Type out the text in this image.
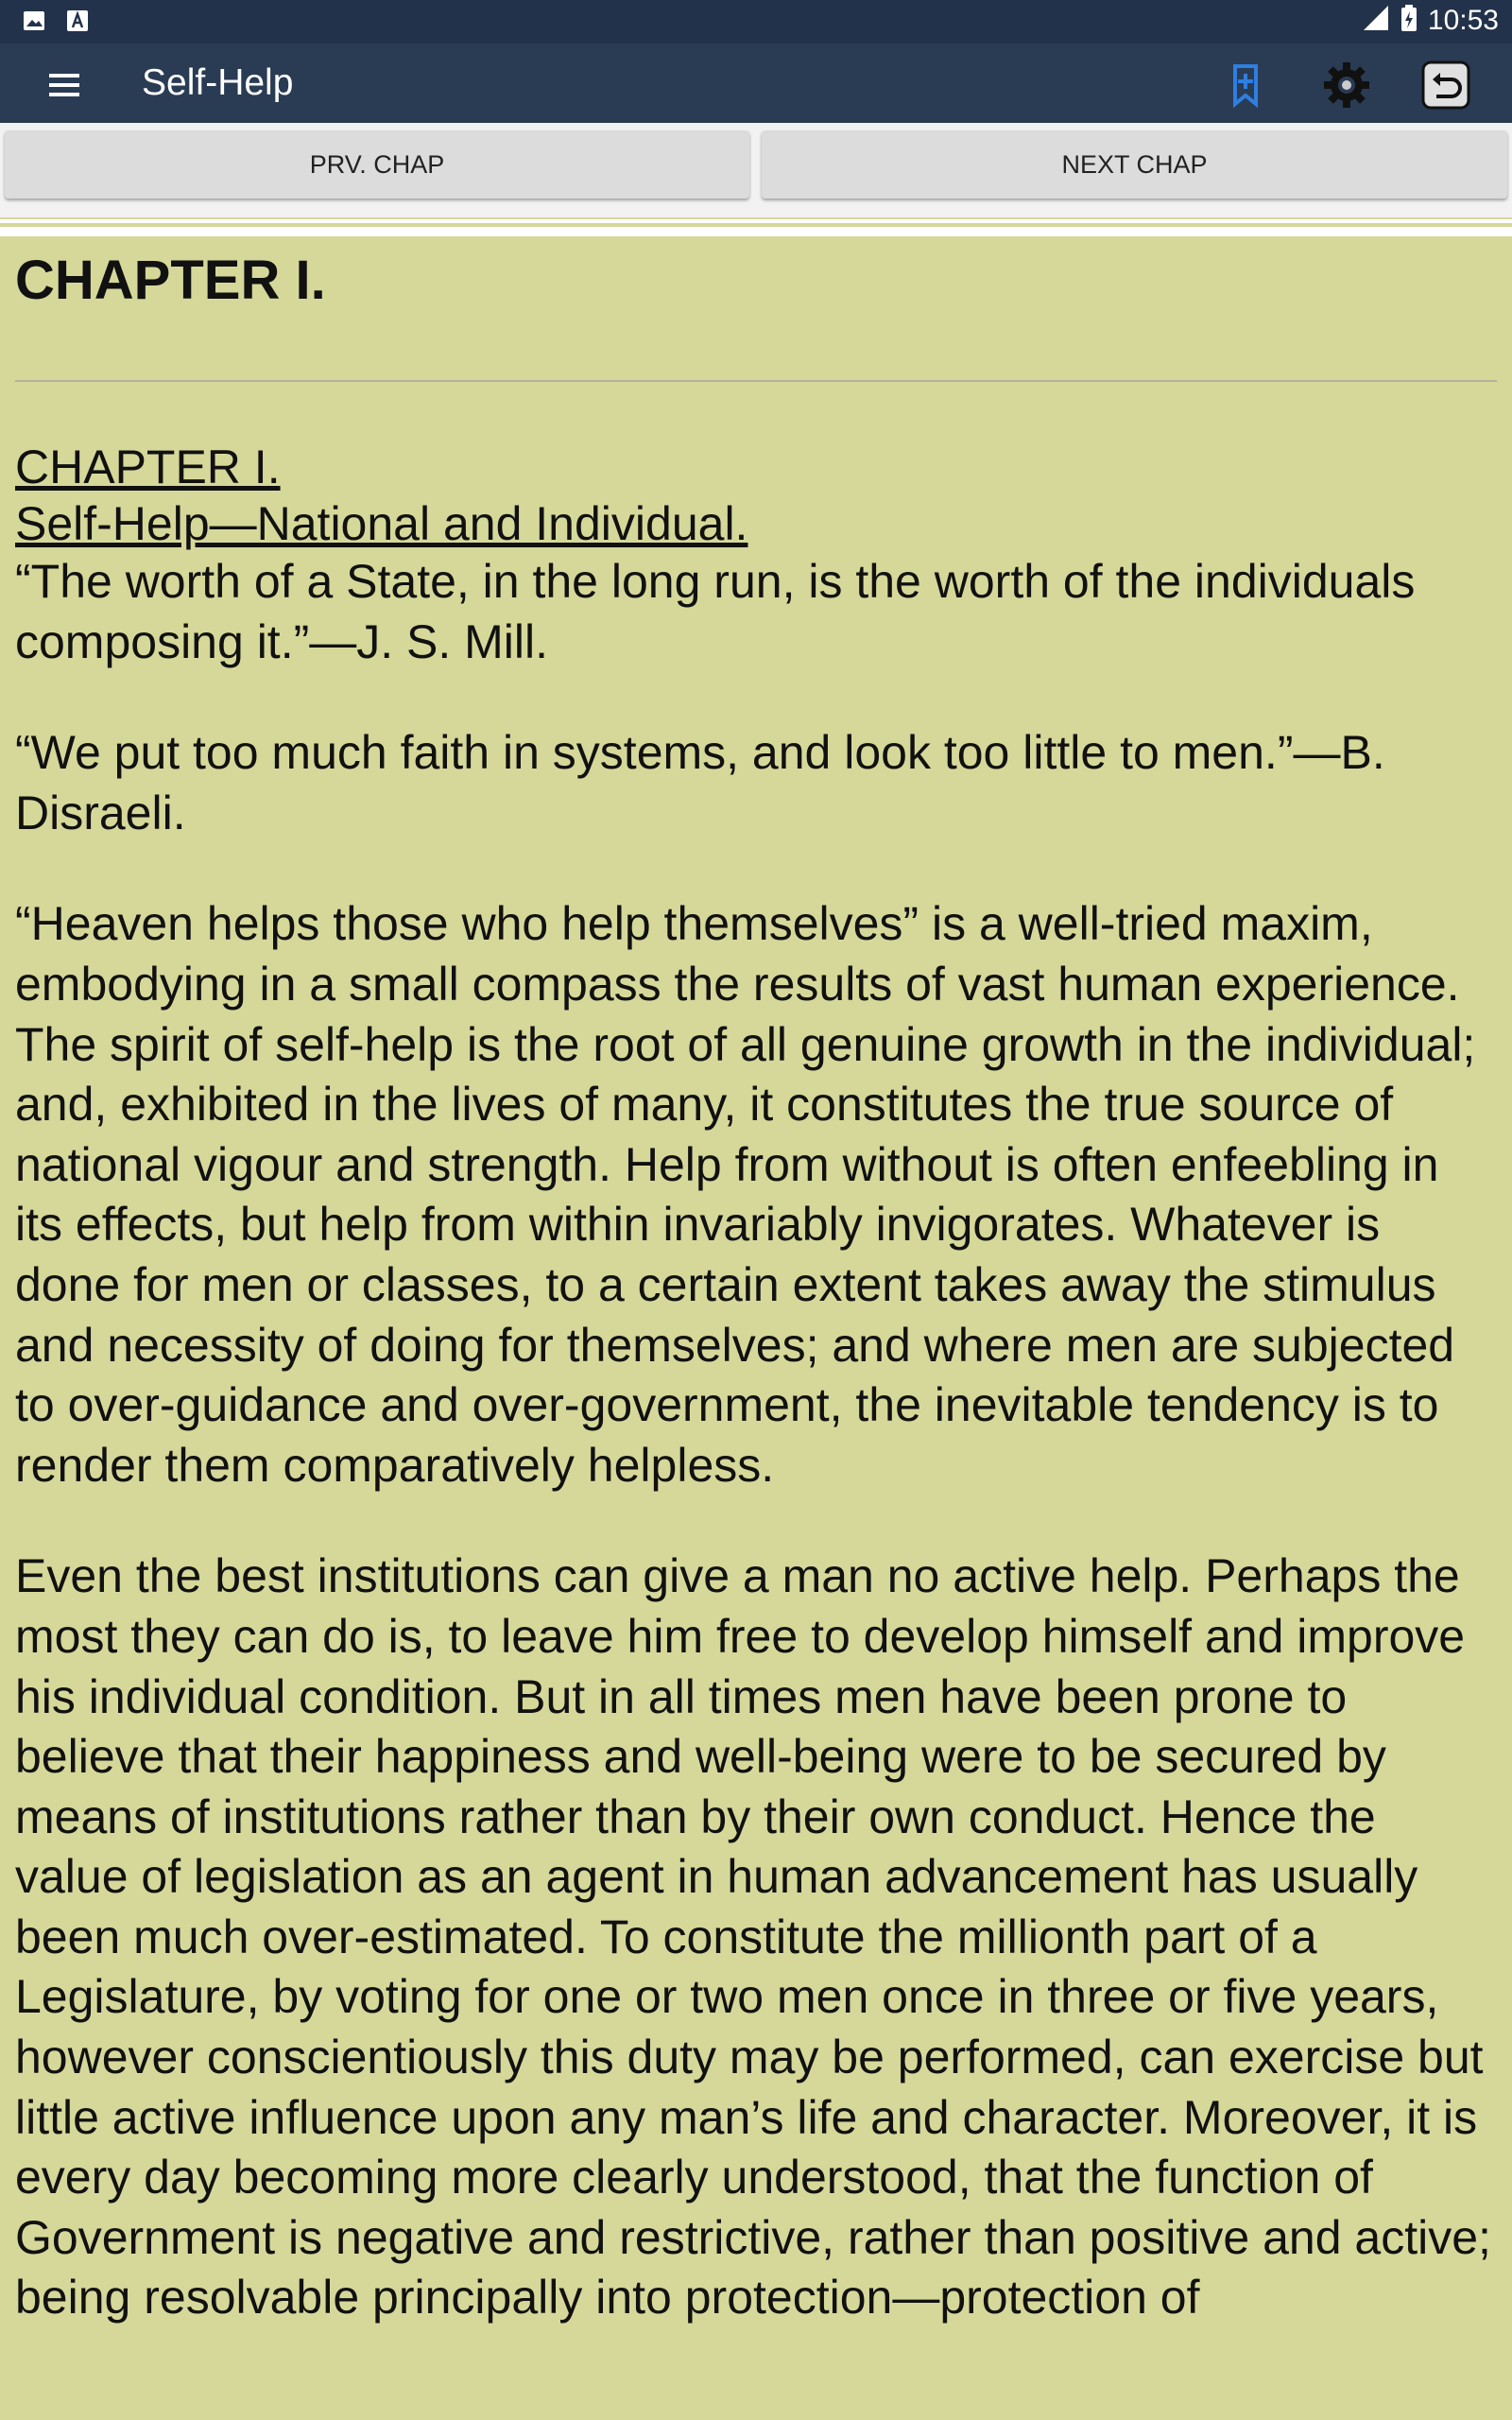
10:53
Self-Help
PRV. CHAP	NEXT CHAP
CHAPTER I.
CHAPTER I.
Self-Help—National and Individual.

“The worth of a State, in the long run, is the worth of the individuals composing it.”—J. S. Mill.

“We put too much faith in systems, and look too little to men.”—B. Disraeli.

“Heaven helps those who help themselves” is a well-tried maxim, embodying in a small compass the results of vast human experience. The spirit of self-help is the root of all genuine growth in the individual; and, exhibited in the lives of many, it constitutes the true source of national vigour and strength. Help from without is often enfeebling in its effects, but help from within invariably invigorates. Whatever is done for men or classes, to a certain extent takes away the stimulus and necessity of doing for themselves; and where men are subjected to over-guidance and over-government, the inevitable tendency is to render them comparatively helpless.

Even the best institutions can give a man no active help. Perhaps the most they can do is, to leave him free to develop himself and improve his individual condition. But in all times men have been prone to believe that their happiness and well-being were to be secured by means of institutions rather than by their own conduct. Hence the value of legislation as an agent in human advancement has usually been much over-estimated. To constitute the millionth part of a Legislature, by voting for one or two men once in three or five years, however conscientiously this duty may be performed, can exercise but little active influence upon any man’s life and character. Moreover, it is every day becoming more clearly understood, that the function of Government is negative and restrictive, rather than positive and active; being resolvable principally into protection—protection of
